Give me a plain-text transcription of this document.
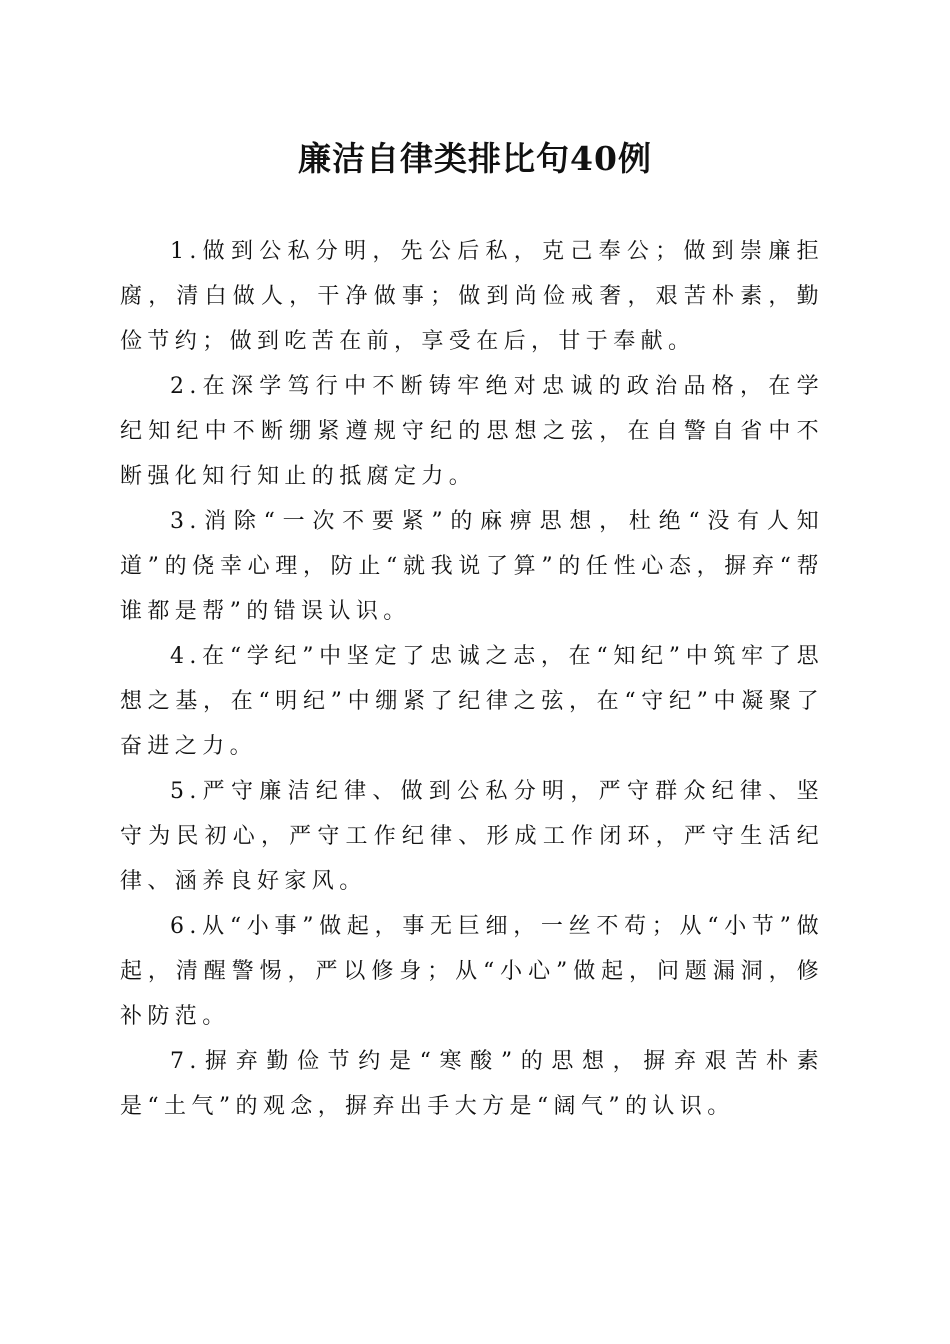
廉洁自律类排比句40例

1.做到公私分明，先公后私，克己奉公；做到崇廉拒腐，清白做人，干净做事；做到尚俭戒奢，艰苦朴素，勤俭节约；做到吃苦在前，享受在后，甘于奉献。

2.在深学笃行中不断铸牢绝对忠诚的政治品格，在学纪知纪中不断绷紧遵规守纪的思想之弦，在自警自省中不断强化知行知止的抵腐定力。

3.消除“一次不要紧”的麻痹思想，杜绝“没有人知道”的侥幸心理，防止“就我说了算”的任性心态，摒弃“帮谁都是帮”的错误认识。

4.在“学纪”中坚定了忠诚之志，在“知纪”中筑牢了思想之基，在“明纪”中绷紧了纪律之弦，在“守纪”中凝聚了奋进之力。

5.严守廉洁纪律、做到公私分明，严守群众纪律、坚守为民初心，严守工作纪律、形成工作闭环，严守生活纪律、涵养良好家风。

6.从“小事”做起，事无巨细，一丝不苟；从“小节”做起，清醒警惕，严以修身；从“小心”做起，问题漏洞，修补防范。

7.摒弃勤俭节约是“寒酸”的思想，摒弃艰苦朴素是“土气”的观念，摒弃出手大方是“阔气”的认识。
